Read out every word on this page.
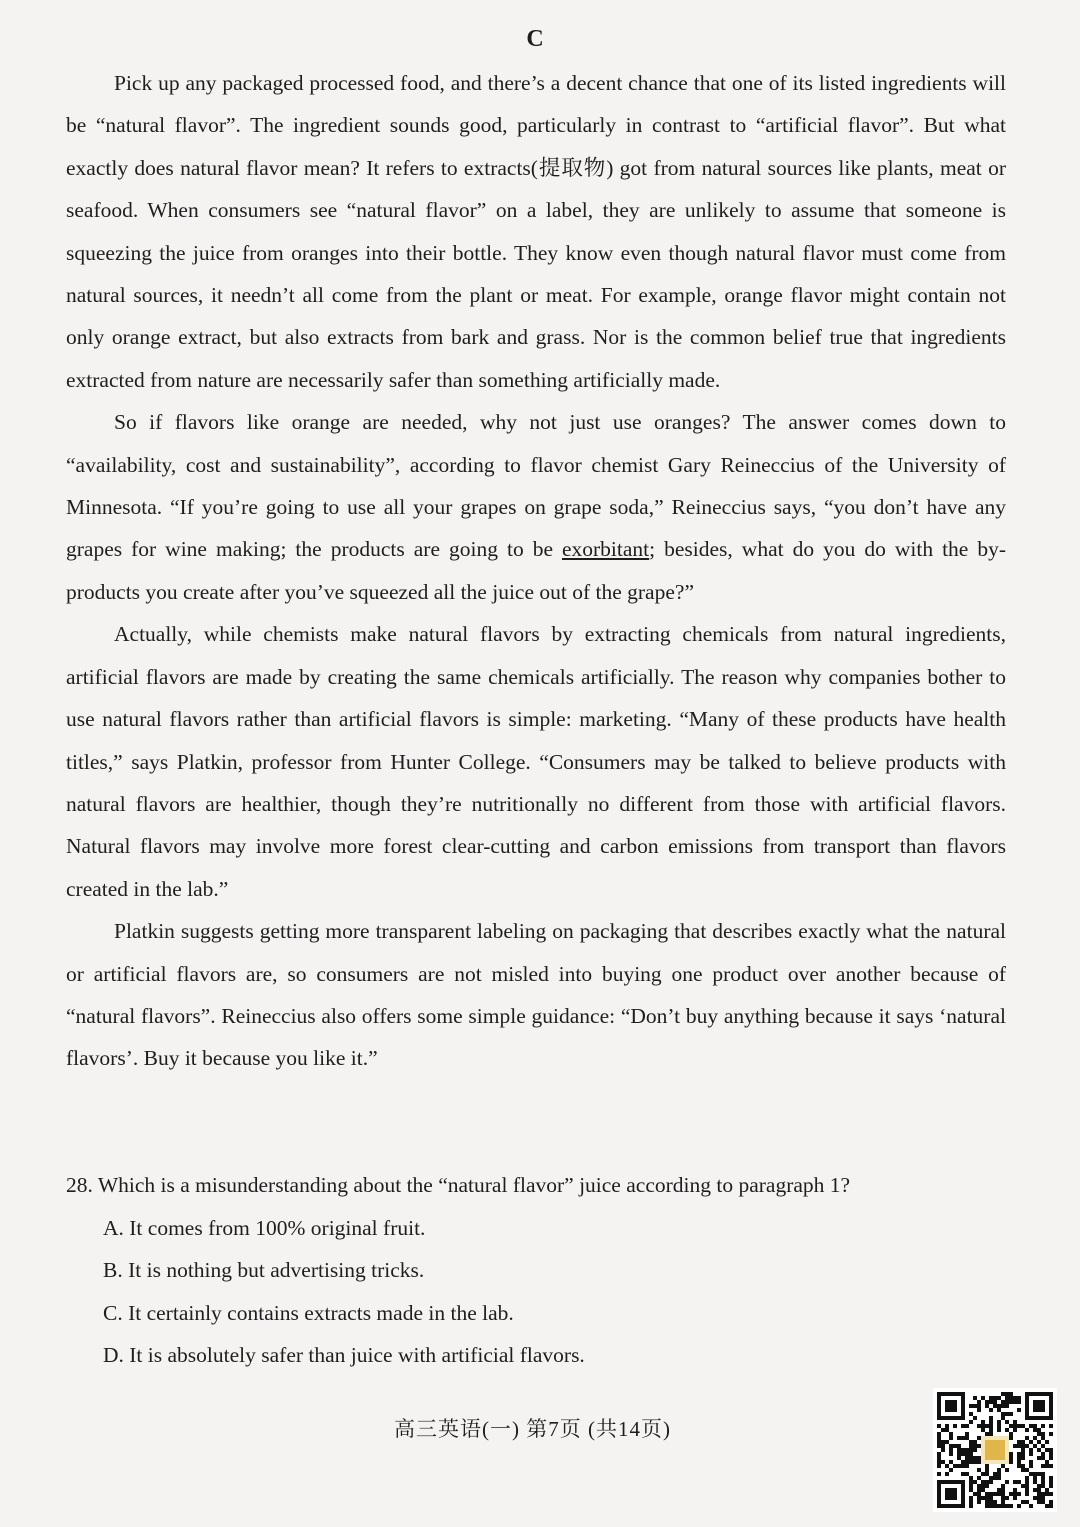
C

Pick up any packaged processed food, and there’s a decent chance that one of its listed ingredients will be “natural flavor”. The ingredient sounds good, particularly in contrast to “artificial flavor”. But what exactly does natural flavor mean? It refers to extracts(提取物) got from natural sources like plants, meat or seafood. When consumers see “natural flavor” on a label, they are unlikely to assume that someone is squeezing the juice from oranges into their bottle. They know even though natural flavor must come from natural sources, it needn’t all come from the plant or meat. For example, orange flavor might contain not only orange extract, but also extracts from bark and grass. Nor is the common belief true that ingredients extracted from nature are necessarily safer than something artificially made.

So if flavors like orange are needed, why not just use oranges? The answer comes down to “availability, cost and sustainability”, according to flavor chemist Gary Reineccius of the University of Minnesota. “If you’re going to use all your grapes on grape soda,” Reineccius says, “you don’t have any grapes for wine making; the products are going to be exorbitant; besides, what do you do with the by-products you create after you’ve squeezed all the juice out of the grape?”

Actually, while chemists make natural flavors by extracting chemicals from natural ingredients, artificial flavors are made by creating the same chemicals artificially. The reason why companies bother to use natural flavors rather than artificial flavors is simple: marketing. “Many of these products have health titles,” says Platkin, professor from Hunter College. “Consumers may be talked to believe products with natural flavors are healthier, though they’re nutritionally no different from those with artificial flavors. Natural flavors may involve more forest clear-cutting and carbon emissions from transport than flavors created in the lab.”

Platkin suggests getting more transparent labeling on packaging that describes exactly what the natural or artificial flavors are, so consumers are not misled into buying one product over another because of “natural flavors”. Reineccius also offers some simple guidance: “Don’t buy anything because it says ‘natural flavors’. Buy it because you like it.”

28. Which is a misunderstanding about the “natural flavor” juice according to paragraph 1?

A. It comes from 100% original fruit.

B. It is nothing but advertising tricks.

C. It certainly contains extracts made in the lab.

D. It is absolutely safer than juice with artificial flavors.

高三英语(一) 第7页 (共14页)
